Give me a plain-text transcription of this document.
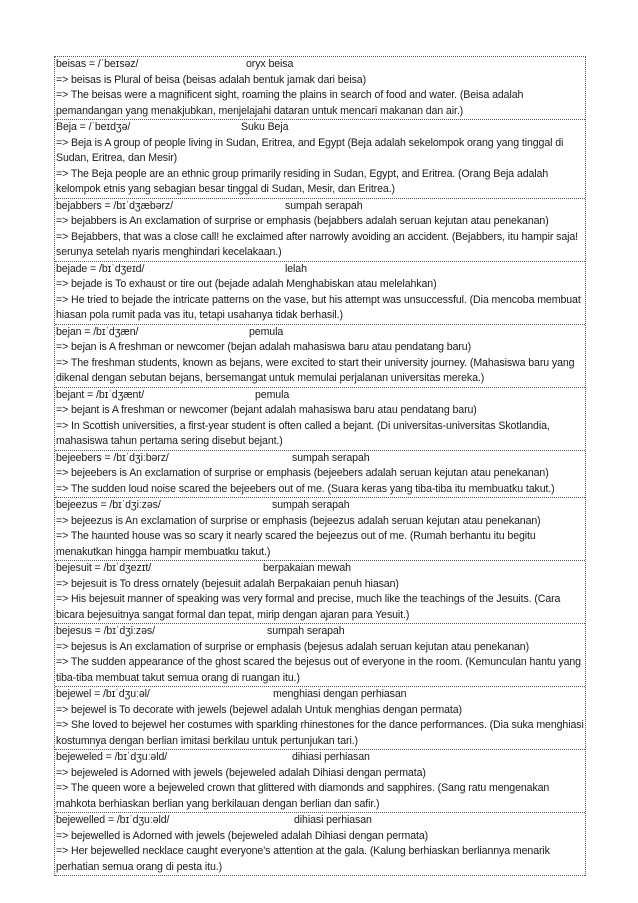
beisas = /ˈbeɪsəz/	oryx beisa

=> beisas is Plural of beisa (beisas adalah bentuk jamak dari beisa)

=> The beisas were a magnificent sight, roaming the plains in search of food and water. (Beisa adalah pemandangan yang menakjubkan, menjelajahi dataran untuk mencari makanan dan air.)

Beja = /ˈbeɪdʒə/	Suku Beja

=> Beja is A group of people living in Sudan, Eritrea, and Egypt (Beja adalah sekelompok orang yang tinggal di Sudan, Eritrea, dan Mesir)

=> The Beja people are an ethnic group primarily residing in Sudan, Egypt, and Eritrea. (Orang Beja adalah kelompok etnis yang sebagian besar tinggal di Sudan, Mesir, dan Eritrea.)

bejabbers = /bɪˈdʒæbərz/	sumpah serapah

=> bejabbers is An exclamation of surprise or emphasis (bejabbers adalah seruan kejutan atau penekanan)

=> Bejabbers, that was a close call! he exclaimed after narrowly avoiding an accident. (Bejabbers, itu hampir saja! serunya setelah nyaris menghindari kecelakaan.)

bejade = /bɪˈdʒeɪd/	lelah

=> bejade is To exhaust or tire out (bejade adalah Menghabiskan atau melelahkan)

=> He tried to bejade the intricate patterns on the vase, but his attempt was unsuccessful. (Dia mencoba membuat hiasan pola rumit pada vas itu, tetapi usahanya tidak berhasil.)

bejan = /bɪˈdʒæn/	pemula

=> bejan is A freshman or newcomer (bejan adalah mahasiswa baru atau pendatang baru)

=> The freshman students, known as bejans, were excited to start their university journey. (Mahasiswa baru yang dikenal dengan sebutan bejans, bersemangat untuk memulai perjalanan universitas mereka.)

bejant = /bɪˈdʒænt/	pemula

=> bejant is A freshman or newcomer (bejant adalah mahasiswa baru atau pendatang baru)

=> In Scottish universities, a first-year student is often called a bejant. (Di universitas-universitas Skotlandia, mahasiswa tahun pertama sering disebut bejant.)

bejeebers = /bɪˈdʒiːbərz/	sumpah serapah

=> bejeebers is An exclamation of surprise or emphasis (bejeebers adalah seruan kejutan atau penekanan)

=> The sudden loud noise scared the bejeebers out of me. (Suara keras yang tiba-tiba itu membuatku takut.)

bejeezus = /bɪˈdʒiːzəs/	sumpah serapah

=> bejeezus is An exclamation of surprise or emphasis (bejeezus adalah seruan kejutan atau penekanan)

=> The haunted house was so scary it nearly scared the bejeezus out of me. (Rumah berhantu itu begitu menakutkan hingga hampir membuatku takut.)

bejesuit = /bɪˈdʒezɪt/	berpakaian mewah

=> bejesuit is To dress ornately (bejesuit adalah Berpakaian penuh hiasan)

=> His bejesuit manner of speaking was very formal and precise, much like the teachings of the Jesuits. (Cara bicara bejesuitnya sangat formal dan tepat, mirip dengan ajaran para Yesuit.)

bejesus = /bɪˈdʒiːzəs/	sumpah serapah

=> bejesus is An exclamation of surprise or emphasis (bejesus adalah seruan kejutan atau penekanan)

=> The sudden appearance of the ghost scared the bejesus out of everyone in the room. (Kemunculan hantu yang tiba-tiba membuat takut semua orang di ruangan itu.)

bejewel = /bɪˈdʒuːəl/	menghiasi dengan perhiasan

=> bejewel is To decorate with jewels (bejewel adalah Untuk menghias dengan permata)

=> She loved to bejewel her costumes with sparkling rhinestones for the dance performances. (Dia suka menghiasi kostumnya dengan berlian imitasi berkilau untuk pertunjukan tari.)

bejeweled = /bɪˈdʒuːəld/	dihiasi perhiasan

=> bejeweled is Adorned with jewels (bejeweled adalah Dihiasi dengan permata)

=> The queen wore a bejeweled crown that glittered with diamonds and sapphires. (Sang ratu mengenakan mahkota berhiaskan berlian yang berkilauan dengan berlian dan safir.)

bejewelled = /bɪˈdʒuːəld/	dihiasi perhiasan

=> bejewelled is Adorned with jewels (bejeweled adalah Dihiasi dengan permata)

=> Her bejewelled necklace caught everyone's attention at the gala. (Kalung berhiaskan berliannya menarik perhatian semua orang di pesta itu.)
